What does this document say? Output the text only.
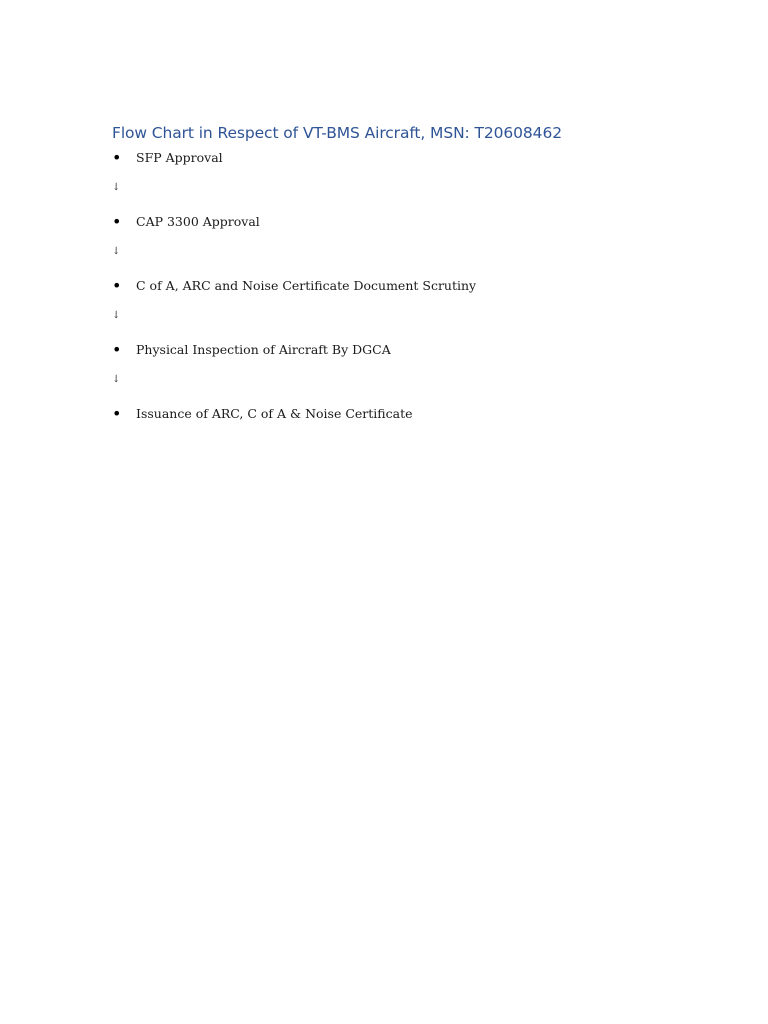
Flow Chart in Respect of VT-BMS Aircraft, MSN: T20608462
•	SFP Approval
↓
•	CAP 3300 Approval
↓
•	C of A, ARC and Noise Certificate Document Scrutiny
↓
•	Physical Inspection of Aircraft By DGCA
↓
•	Issuance of ARC, C of A & Noise Certificate
